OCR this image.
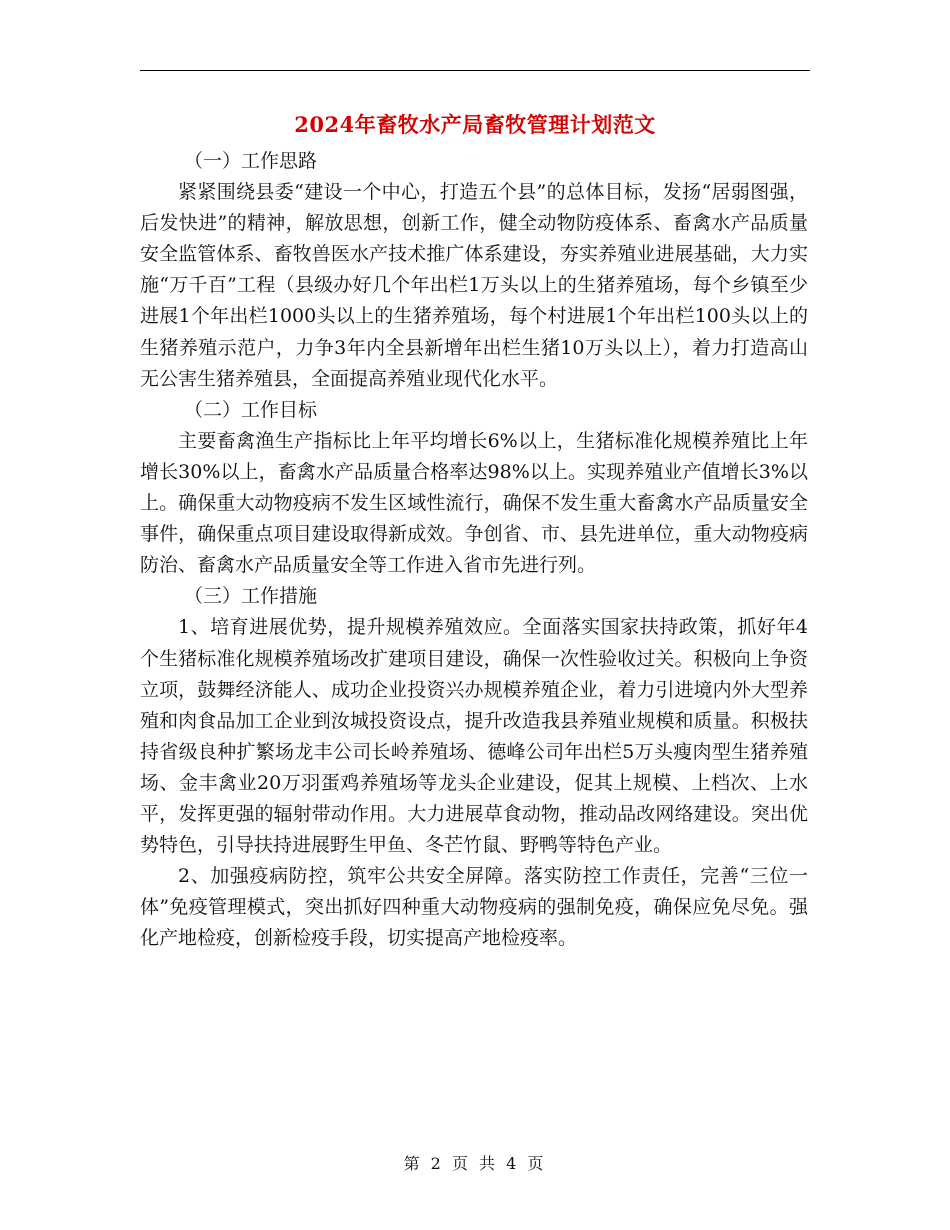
2024年畜牧水产局畜牧管理计划范文

（一）工作思路

紧紧围绕县委“建设一个中心，打造五个县”的总体目标，发扬“居弱图强，后发快进”的精神，解放思想，创新工作，健全动物防疫体系、畜禽水产品质量安全监管体系、畜牧兽医水产技术推广体系建设，夯实养殖业进展基础，大力实施“万千百”工程（县级办好几个年出栏1万头以上的生猪养殖场，每个乡镇至少进展1个年出栏1000头以上的生猪养殖场，每个村进展1个年出栏100头以上的生猪养殖示范户，力争3年内全县新增年出栏生猪10万头以上），着力打造高山无公害生猪养殖县，全面提高养殖业现代化水平。

（二）工作目标

主要畜禽渔生产指标比上年平均增长6%以上，生猪标准化规模养殖比上年增长30%以上，畜禽水产品质量合格率达98%以上。实现养殖业产值增长3%以上。确保重大动物疫病不发生区域性流行，确保不发生重大畜禽水产品质量安全事件，确保重点项目建设取得新成效。争创省、市、县先进单位，重大动物疫病防治、畜禽水产品质量安全等工作进入省市先进行列。

（三）工作措施

1、培育进展优势，提升规模养殖效应。全面落实国家扶持政策，抓好年4个生猪标准化规模养殖场改扩建项目建设，确保一次性验收过关。积极向上争资立项，鼓舞经济能人、成功企业投资兴办规模养殖企业，着力引进境内外大型养殖和肉食品加工企业到汝城投资设点，提升改造我县养殖业规模和质量。积极扶持省级良种扩繁场龙丰公司长岭养殖场、德峰公司年出栏5万头瘦肉型生猪养殖场、金丰禽业20万羽蛋鸡养殖场等龙头企业建设，促其上规模、上档次、上水平，发挥更强的辐射带动作用。大力进展草食动物，推动品改网络建设。突出优势特色，引导扶持进展野生甲鱼、冬芒竹鼠、野鸭等特色产业。

2、加强疫病防控，筑牢公共安全屏障。落实防控工作责任，完善“三位一体”免疫管理模式，突出抓好四种重大动物疫病的强制免疫，确保应免尽免。强化产地检疫，创新检疫手段，切实提高产地检疫率。

第 2 页 共 4 页
